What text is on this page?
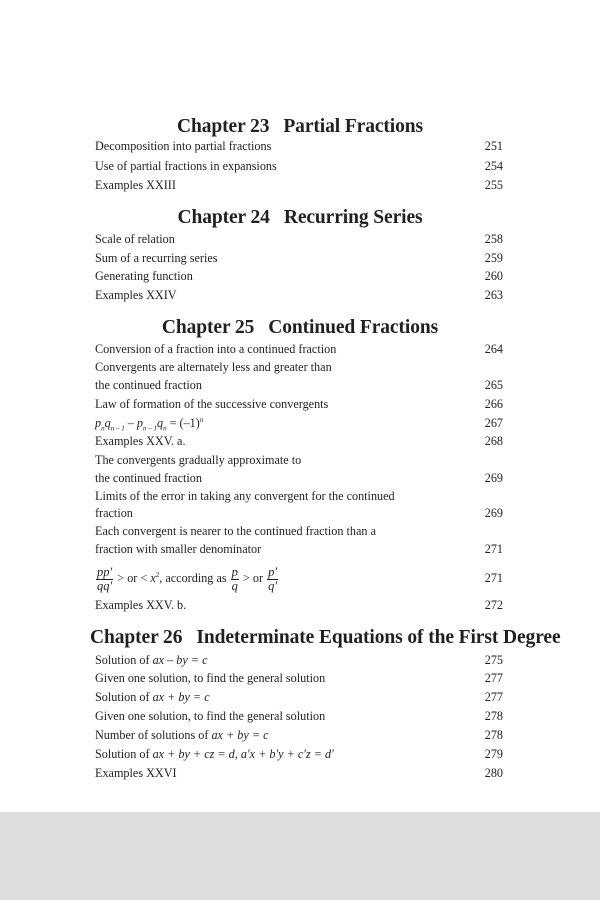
Chapter 23 Partial Fractions
Decomposition into partial fractions	251
Use of partial fractions in expansions	254
Examples XXIII	255
Chapter 24 Recurring Series
Scale of relation	258
Sum of a recurring series	259
Generating function	260
Examples XXIV	263
Chapter 25 Continued Fractions
Conversion of a fraction into a continued fraction	264
Convergents are alternately less and greater than
the continued fraction	265
Law of formation of the successive convergents	266
$p_nq_{n - 1} - p_{n - 1}q_n = (-1)^n$	267
Examples XXV. a.	268
The convergents gradually approximate to
the continued fraction	269
Limits of the error in taking any convergent for the continued
fraction	269
Each convergent is nearer to the continued fraction than a
fraction with smaller denominator	271
$\frac{pp'}{qq'}$ > or < $x^2$, according as $\frac{p}{q}$ > or $\frac{p'}{q'}$	271
Examples XXV. b.	272
Chapter 26 Indeterminate Equations of the First Degree
Solution of ax – by = c	275
Given one solution, to find the general solution	277
Solution of ax + by = c	277
Given one solution, to find the general solution	278
Number of solutions of ax + by = c	278
Solution of ax + by + cz = d, a′x + b′y + c′z = d′	279
Examples XXVI	280
